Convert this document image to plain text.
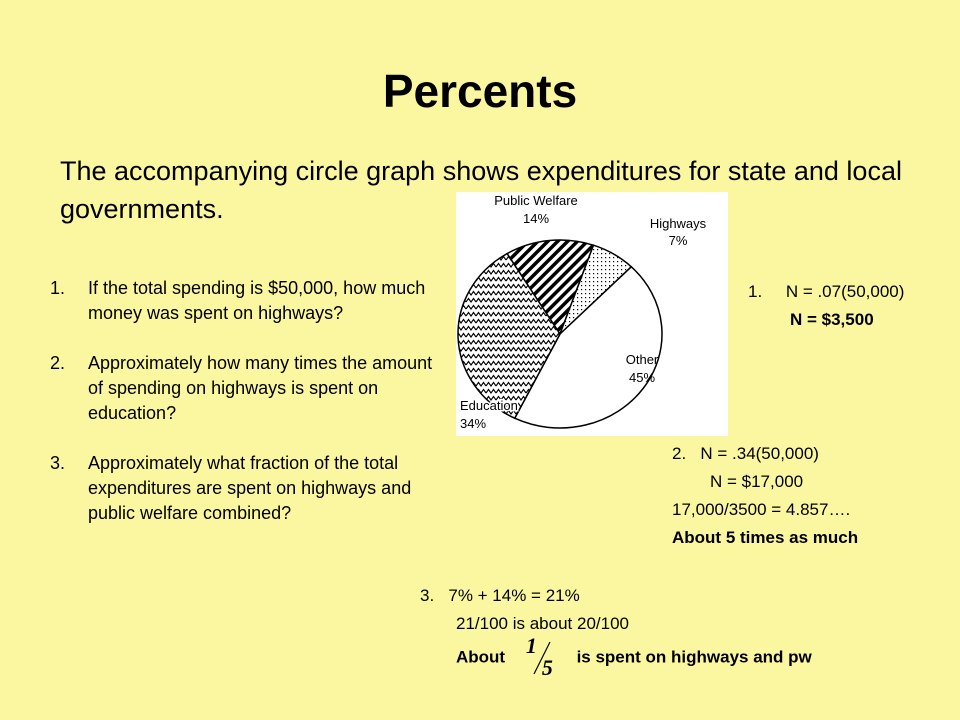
Percents
The accompanying circle graph shows expenditures for state and local governments.
1. If the total spending is $50,000, how much money was spent on highways?
2. Approximately how many times the amount of spending on highways is spent on education?
3. Approximately what fraction of the total expenditures are spent on highways and public welfare combined?
Public Welfare
14%	Highways
7%
Other
45%
Education
34%
1. N = .07(50,000)
N = $3,500
2. N = .34(50,000)
N = $17,000
17,000/3500 = 4.857….
About 5 times as much
3. 7% + 14% = 21%
21/100 is about 20/100
About 1
5 is spent on highways and pw
